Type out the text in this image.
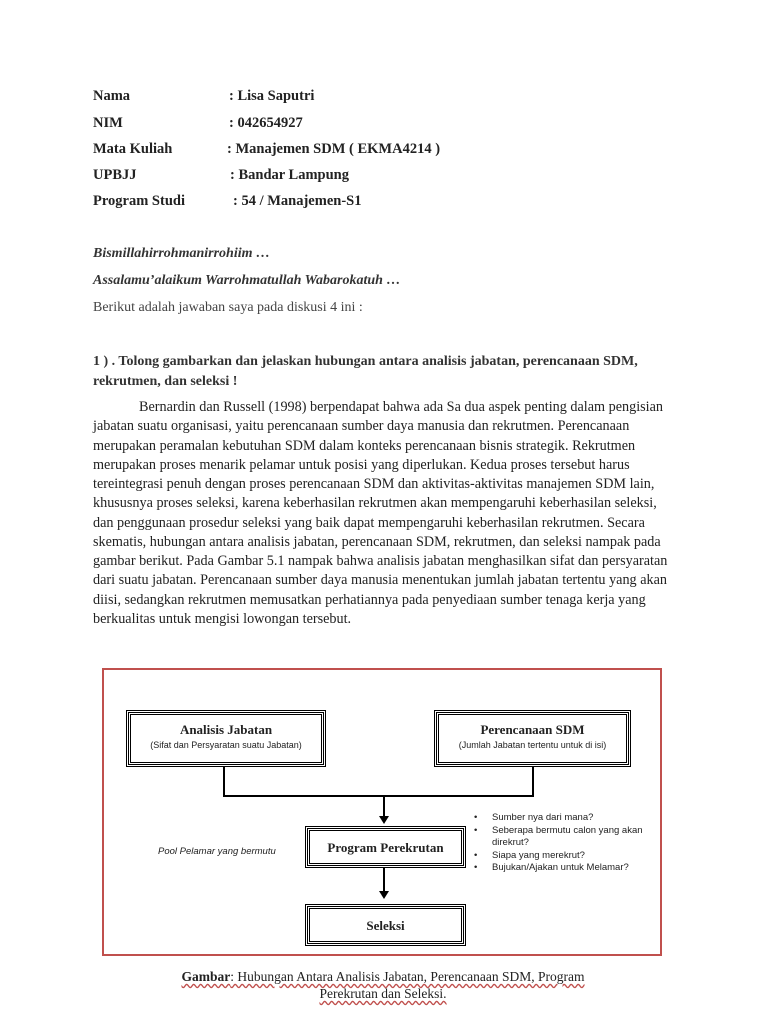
Nama	: Lisa Saputri
NIM	: 042654927
Mata Kuliah	: Manajemen SDM ( EKMA4214 )
UPBJJ	: Bandar Lampung
Program Studi	: 54 / Manajemen-S1
Bismillahirrohmanirrohiim …
Assalamu’alaikum Warrohmatullah Wabarokatuh …
Berikut adalah jawaban saya pada diskusi 4 ini :
1 ) . Tolong gambarkan dan jelaskan hubungan antara analisis jabatan, perencanaan SDM, rekrutmen, dan seleksi !

Bernardin dan Russell (1998) berpendapat bahwa ada Sa dua aspek penting dalam pengisian jabatan suatu organisasi, yaitu perencanaan sumber daya manusia dan rekrutmen. Perencanaan merupakan peramalan kebutuhan SDM dalam konteks perencanaan bisnis strategik. Rekrutmen merupakan proses menarik pelamar untuk posisi yang diperlukan. Kedua proses tersebut harus tereintegrasi penuh dengan proses perencanaan SDM dan aktivitas-aktivitas manajemen SDM lain, khususnya proses seleksi, karena keberhasilan rekrutmen akan mempengaruhi keberhasilan seleksi, dan penggunaan prosedur seleksi yang baik dapat mempengaruhi keberhasilan rekrutmen. Secara skematis, hubungan antara analisis jabatan, perencanaan SDM, rekrutmen, dan seleksi nampak pada gambar berikut. Pada Gambar 5.1 nampak bahwa analisis jabatan menghasilkan sifat dan persyaratan dari suatu jabatan. Perencanaan sumber daya manusia menentukan jumlah jabatan tertentu yang akan diisi, sedangkan rekrutmen memusatkan perhatiannya pada penyediaan sumber tenaga kerja yang berkualitas untuk mengisi lowongan tersebut.

Analisis Jabatan
(Sifat dan Persyaratan suatu Jabatan)
Perencanaan SDM
(Jumlah Jabatan tertentu untuk di isi)
Program Perekrutan
Seleksi
Pool Pelamar yang bermutu
• Sumber nya dari mana?
• Seberapa bermutu calon yang akan direkrut?
• Siapa yang merekrut?
• Bujukan/Ajakan untuk Melamar?
Gambar: Hubungan Antara Analisis Jabatan, Perencanaan SDM, Program Perekrutan dan Seleksi.
